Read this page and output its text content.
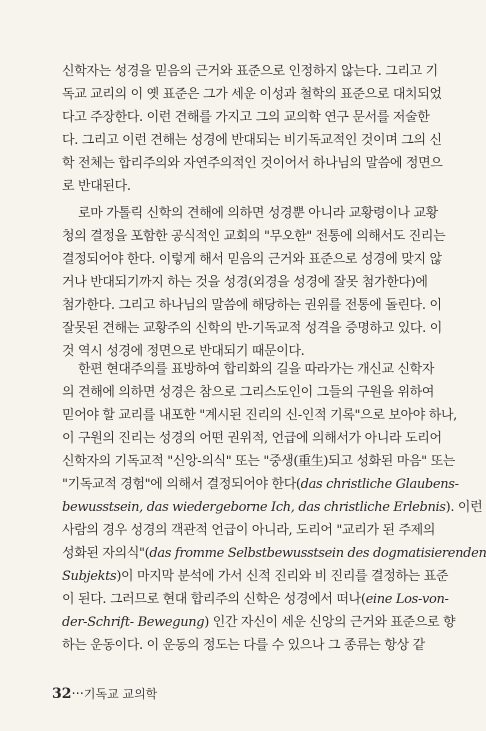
신학자는 성경을 믿음의 근거와 표준으로 인정하지 않는다. 그리고 기
독교 교리의 이 옛 표준은 그가 세운 이성과 철학의 표준으로 대치되었
다고 주장한다. 이런 견해를 가지고 그의 교의학 연구 문서를 저술한
다. 그리고 이런 견해는 성경에 반대되는 비기독교적인 것이며 그의 신
학 전체는 합리주의와 자연주의적인 것이어서 하나님의 말씀에 정면으
로 반대된다.
로마 가톨릭 신학의 견해에 의하면 성경뿐 아니라 교황령이나 교황
청의 결정을 포함한 공식적인 교회의 "무오한" 전통에 의해서도 진리는
결정되어야 한다. 이렇게 해서 믿음의 근거와 표준으로 성경에 맞지 않
거나 반대되기까지 하는 것을 성경(외경을 성경에 잘못 첨가한다)에
첨가한다. 그리고 하나님의 말씀에 해당하는 권위를 전통에 돌린다. 이
잘못된 견해는 교황주의 신학의 반-기독교적 성격을 증명하고 있다. 이
것 역시 성경에 정면으로 반대되기 때문이다.
한편 현대주의를 표방하여 합리화의 길을 따라가는 개신교 신학자
의 견해에 의하면 성경은 참으로 그리스도인이 그들의 구원을 위하여
믿어야 할 교리를 내포한 "계시된 진리의 신-인적 기록"으로 보아야 하나,
이 구원의 진리는 성경의 어떤 권위적, 언급에 의해서가 아니라 도리어
신학자의 기독교적 "신앙-의식" 또는 "중생(重生)되고 성화된 마음" 또는
"기독교적 경험"에 의해서 결정되어야 한다(das christliche Glaubens-
bewusstsein, das wiedergeborne Ich, das christliche Erlebnis). 이런
사람의 경우 성경의 객관적 언급이 아니라, 도리어 "교리가 된 주제의
성화된 자의식"(das fromme Selbstbewusstsein des dogmatisierenden
Subjekts)이 마지막 분석에 가서 신적 진리와 비 진리를 결정하는 표준
이 된다. 그러므로 현대 합리주의 신학은 성경에서 떠나(eine Los-von-
der-Schrift- Bewegung) 인간 자신이 세운 신앙의 근거와 표준으로 향
하는 운동이다. 이 운동의 정도는 다를 수 있으나 그 종류는 항상 같
32···기독교 교의학
